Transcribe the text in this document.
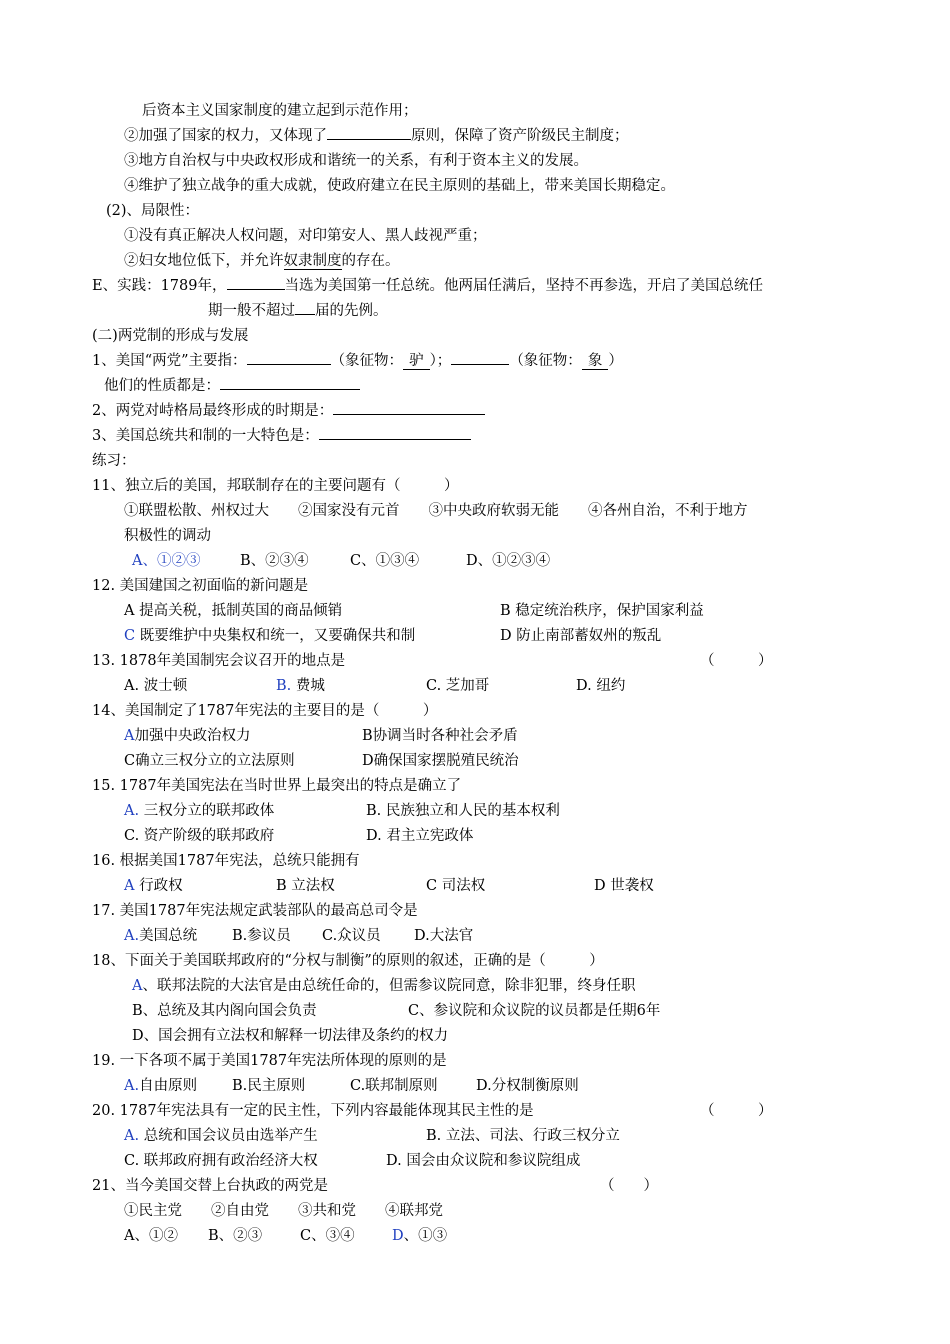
后资本主义国家制度的建立起到示范作用；
②加强了国家的权力，又体现了	原则，保障了资产阶级民主制度；
③地方自治权与中央政权形成和谐统一的关系，有利于资本主义的发展。
④维护了独立战争的重大成就，使政府建立在民主原则的基础上，带来美国长期稳定。
(2)、局限性：
①没有真正解决人权问题，对印第安人、黑人歧视严重；
②妇女地位低下，并允许奴隶制度的存在。
E、实践：1789年，	当选为美国第一任总统。他两届任满后，坚持不再参选，开启了美国总统任
期一般不超过 届的先例。
(二)两党制的形成与发展
1、美国“两党”主要指：	（象征物： 驴 ）；	（象征物： 象 ）
他们的性质都是：
2、两党对峙格局最终形成的时期是：
3、美国总统共和制的一大特色是：
练习：
11、独立后的美国，邦联制存在的主要问题有（　　　）
①联盟松散、州权过大　　②国家没有元首　　③中央政府软弱无能　　④各州自治，不利于地方
积极性的调动
A、①②③	B、②③④	C、①③④	D、①②③④
12. 美国建国之初面临的新问题是
A 提高关税，抵制英国的商品倾销	B 稳定统治秩序，保护国家利益
C 既要维护中央集权和统一，又要确保共和制	D 防止南部蓄奴州的叛乱
13. 1878年美国制宪会议召开的地点是	（　　　）
A. 波士顿	B. 费城	C. 芝加哥	D. 纽约
14、美国制定了1787年宪法的主要目的是（　　　）
A加强中央政治权力	B协调当时各种社会矛盾
C确立三权分立的立法原则	D确保国家摆脱殖民统治
15. 1787年美国宪法在当时世界上最突出的特点是确立了
A. 三权分立的联邦政体	B. 民族独立和人民的基本权利
C. 资产阶级的联邦政府	D. 君主立宪政体
16. 根据美国1787年宪法，总统只能拥有
A 行政权	B 立法权	C 司法权	D 世袭权
17. 美国1787年宪法规定武装部队的最高总司令是
A.美国总统 B.参议员 C.众议员 D.大法官
18、下面关于美国联邦政府的“分权与制衡”的原则的叙述，正确的是（　　　）
A、联邦法院的大法官是由总统任命的，但需参议院同意，除非犯罪，终身任职
B、总统及其内阁向国会负责	C、参议院和众议院的议员都是任期6年
D、国会拥有立法权和解释一切法律及条约的权力
19. 一下各项不属于美国1787年宪法所体现的原则的是
A.自由原则 B.民主原则	C.联邦制原则	D.分权制衡原则
20. 1787年宪法具有一定的民主性，下列内容最能体现其民主性的是	（　　　）
A. 总统和国会议员由选举产生	B. 立法、司法、行政三权分立
C. 联邦政府拥有政治经济大权	D. 国会由众议院和参议院组成
21、当今美国交替上台执政的两党是	（　　）
①民主党　　②自由党　　③共和党　　④联邦党
A、①② B、②③	C、③④	D、①③
